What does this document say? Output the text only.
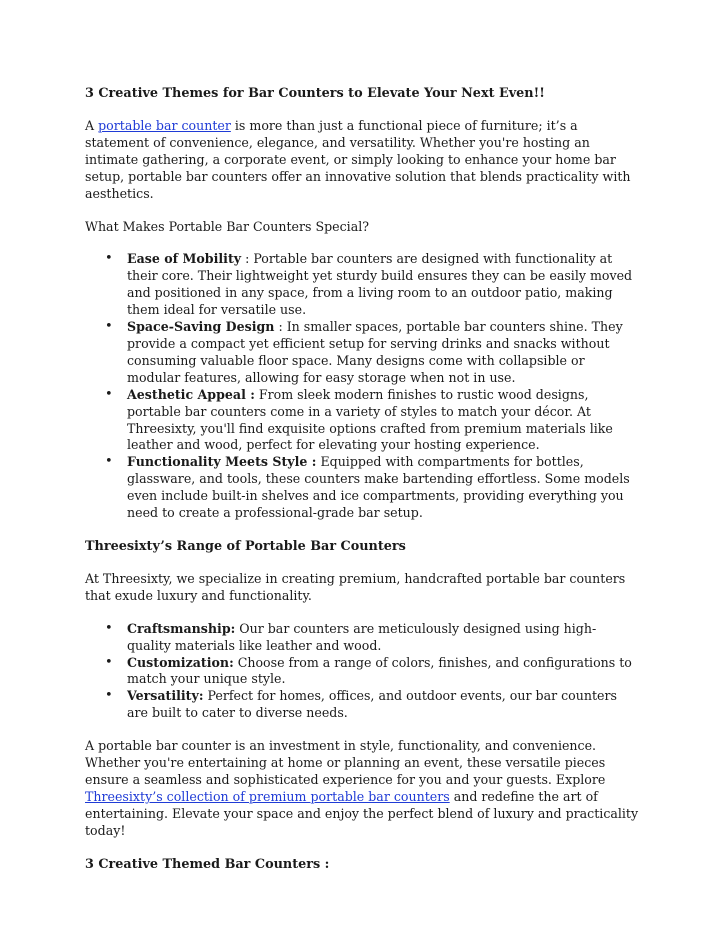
3 Creative Themes for Bar Counters to Elevate Your Next Even!!

A portable bar counter is more than just a functional piece of furniture; it’s a statement of convenience, elegance, and versatility. Whether you're hosting an intimate gathering, a corporate event, or simply looking to enhance your home bar setup, portable bar counters offer an innovative solution that blends practicality with aesthetics.

What Makes Portable Bar Counters Special?

• Ease of Mobility : Portable bar counters are designed with functionality at their core. Their lightweight yet sturdy build ensures they can be easily moved and positioned in any space, from a living room to an outdoor patio, making them ideal for versatile use.
• Space-Saving Design : In smaller spaces, portable bar counters shine. They provide a compact yet efficient setup for serving drinks and snacks without consuming valuable floor space. Many designs come with collapsible or modular features, allowing for easy storage when not in use.
• Aesthetic Appeal : From sleek modern finishes to rustic wood designs, portable bar counters come in a variety of styles to match your décor. At Threesixty, you'll find exquisite options crafted from premium materials like leather and wood, perfect for elevating your hosting experience.
• Functionality Meets Style : Equipped with compartments for bottles, glassware, and tools, these counters make bartending effortless. Some models even include built-in shelves and ice compartments, providing everything you need to create a professional-grade bar setup.
Threesixty’s Range of Portable Bar Counters

At Threesixty, we specialize in creating premium, handcrafted portable bar counters that exude luxury and functionality.

• Craftsmanship: Our bar counters are meticulously designed using high-quality materials like leather and wood.
• Customization: Choose from a range of colors, finishes, and configurations to match your unique style.
• Versatility: Perfect for homes, offices, and outdoor events, our bar counters are built to cater to diverse needs.

A portable bar counter is an investment in style, functionality, and convenience. Whether you're entertaining at home or planning an event, these versatile pieces ensure a seamless and sophisticated experience for you and your guests. Explore Threesixty’s collection of premium portable bar counters and redefine the art of entertaining. Elevate your space and enjoy the perfect blend of luxury and practicality today!

3 Creative Themed Bar Counters :
